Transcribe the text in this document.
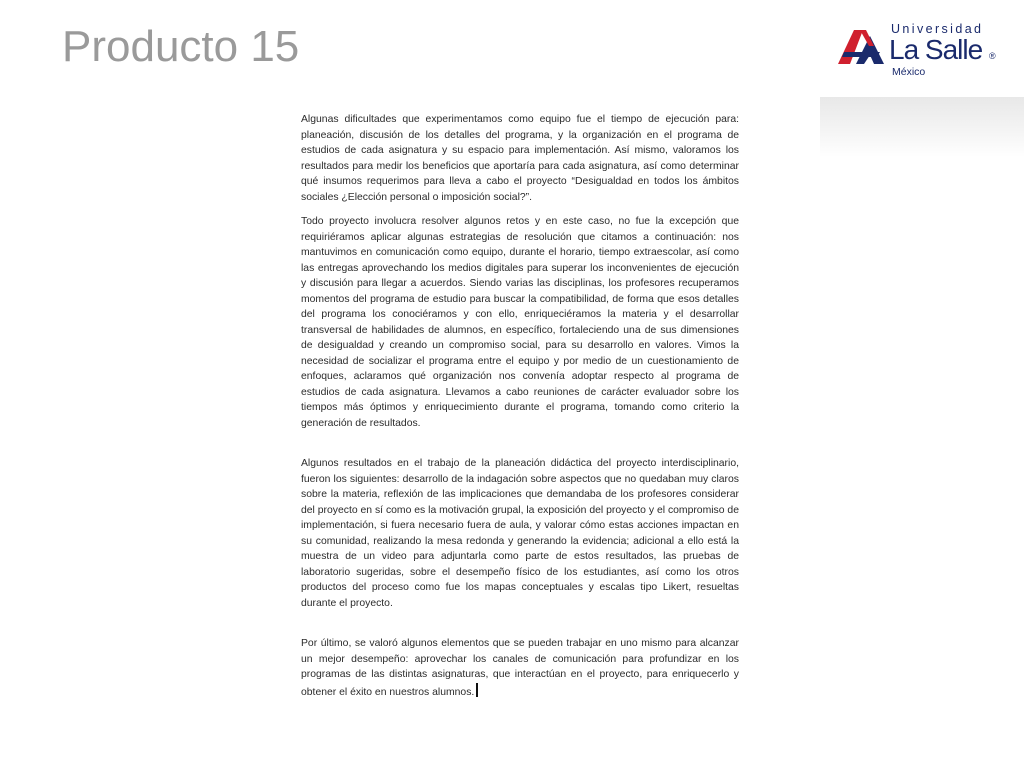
Producto 15	Universidad
La Salle ®
México

Algunas dificultades que experimentamos como equipo fue el tiempo de ejecución para: planeación, discusión de los detalles del programa, y la organización en el programa de estudios de cada asignatura y su espacio para implementación. Así mismo, valoramos los resultados para medir los beneficios que aportaría para cada asignatura, así como determinar qué insumos requerimos para lleva a cabo el proyecto “Desigualdad en todos los ámbitos sociales ¿Elección personal o imposición social?”.

Todo proyecto involucra resolver algunos retos y en este caso, no fue la excepción que requiriéramos aplicar algunas estrategias de resolución que citamos a continuación: nos mantuvimos en comunicación como equipo, durante el horario, tiempo extraescolar, así como las entregas aprovechando los medios digitales para superar los inconvenientes de ejecución y discusión para llegar a acuerdos. Siendo varias las disciplinas, los profesores recuperamos momentos del programa de estudio para buscar la compatibilidad, de forma que esos detalles del programa los conociéramos y con ello, enriqueciéramos la materia y el desarrollar transversal de habilidades de alumnos, en específico, fortaleciendo una de sus dimensiones de desigualdad y creando un compromiso social, para su desarrollo en valores. Vimos la necesidad de socializar el programa entre el equipo y por medio de un cuestionamiento de enfoques, aclaramos qué organización nos convenía adoptar respecto al programa de estudios de cada asignatura. Llevamos a cabo reuniones de carácter evaluador sobre los tiempos más óptimos y enriquecimiento durante el programa, tomando como criterio la generación de resultados.

Algunos resultados en el trabajo de la planeación didáctica del proyecto interdisciplinario, fueron los siguientes: desarrollo de la indagación sobre aspectos que no quedaban muy claros sobre la materia, reflexión de las implicaciones que demandaba de los profesores considerar del proyecto en sí como es la motivación grupal, la exposición del proyecto y el compromiso de implementación, si fuera necesario fuera de aula, y valorar cómo estas acciones impactan en su comunidad, realizando la mesa redonda y generando la evidencia; adicional a ello está la muestra de un video para adjuntarla como parte de estos resultados, las pruebas de laboratorio sugeridas, sobre el desempeño físico de los estudiantes, así como los otros productos del proceso como fue los mapas conceptuales y escalas tipo Likert, resueltas durante el proyecto.

Por último, se valoró algunos elementos que se pueden trabajar en uno mismo para alcanzar un mejor desempeño: aprovechar los canales de comunicación para profundizar en los programas de las distintas asignaturas, que interactúan en el proyecto, para enriquecerlo y obtener el éxito en nuestros alumnos.
